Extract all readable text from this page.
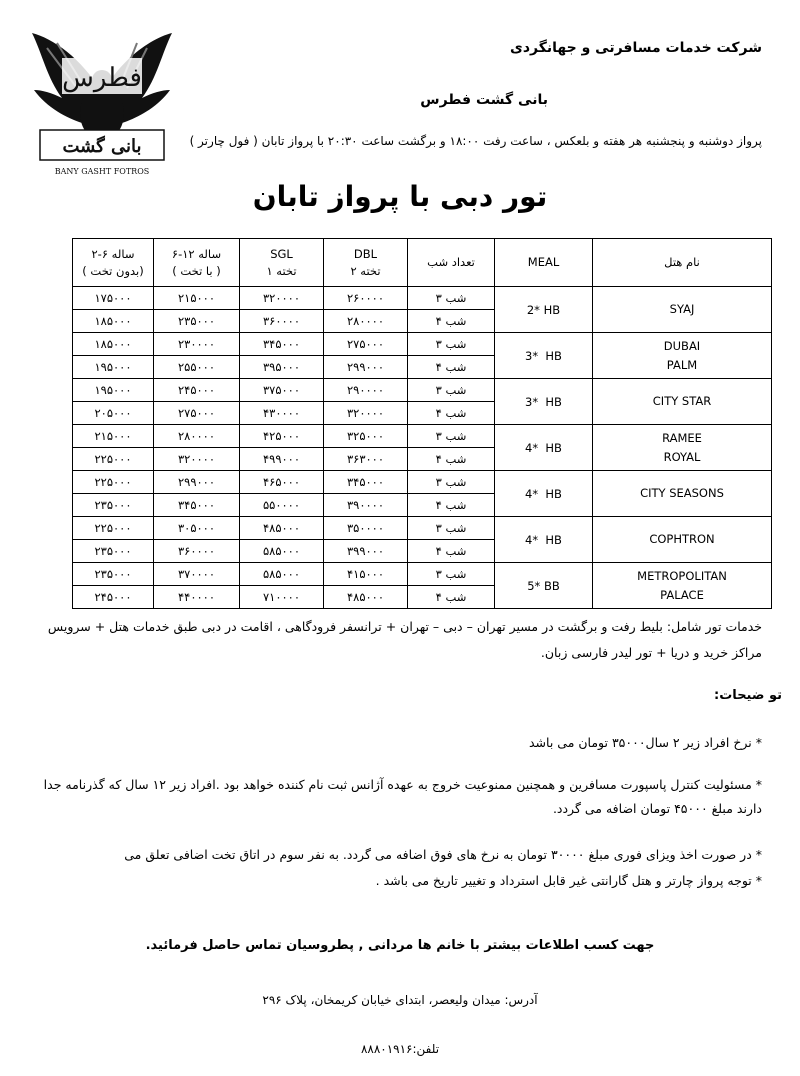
بانی گشت
فطرس
BANY GASHT FOTROS
شرکت خدمات مسافرتی و جهانگردی
بانی گشت فطرس
پرواز دوشنبه و پنجشنبه هر هفته و بلعکس ، ساعت رفت ۱۸:۰۰ و برگشت ساعت ۲۰:۳۰ با پرواز تابان ( فول چارتر )
تور دبی با پرواز تابان
۲-۶ ساله
( بدون تخت)	۶-۱۲ ساله
( با تخت )	SGL
۱ تخته	DBL
۲ تخته	تعداد شب	MEAL	نام هتل
۱۷۵۰۰۰	۲۱۵۰۰۰	۳۲۰۰۰۰	۲۶۰۰۰۰	۳ شب	2* HB	SYAJ

۱۸۵۰۰۰	۲۳۵۰۰۰	۳۶۰۰۰۰	۲۸۰۰۰۰	۴ شب		
۱۸۵۰۰۰	۲۳۰۰۰۰	۳۴۵۰۰۰	۲۷۵۰۰۰	۳ شب	3*  HB	DUBAI
PALM

۱۹۵۰۰۰	۲۵۵۰۰۰	۳۹۵۰۰۰	۲۹۹۰۰۰	۴ شب		
۱۹۵۰۰۰	۲۴۵۰۰۰	۳۷۵۰۰۰	۲۹۰۰۰۰	۳ شب	3*  HB	CITY STAR

۲۰۵۰۰۰	۲۷۵۰۰۰	۴۳۰۰۰۰	۳۲۰۰۰۰	۴ شب		
۲۱۵۰۰۰	۲۸۰۰۰۰	۴۲۵۰۰۰	۳۲۵۰۰۰	۳ شب	4*  HB	RAMEE
ROYAL

۲۲۵۰۰۰	۳۲۰۰۰۰	۴۹۹۰۰۰	۳۶۳۰۰۰	۴ شب		
۲۲۵۰۰۰	۲۹۹۰۰۰	۴۶۵۰۰۰	۳۴۵۰۰۰	۳ شب	4*  HB	CITY SEASONS

۲۳۵۰۰۰	۳۴۵۰۰۰	۵۵۰۰۰۰	۳۹۰۰۰۰	۴ شب		
۲۲۵۰۰۰	۳۰۵۰۰۰	۴۸۵۰۰۰	۳۵۰۰۰۰	۳ شب	4*  HB	COPHTRON

۲۳۵۰۰۰	۳۶۰۰۰۰	۵۸۵۰۰۰	۳۹۹۰۰۰	۴ شب		
۲۳۵۰۰۰	۳۷۰۰۰۰	۵۸۵۰۰۰	۴۱۵۰۰۰	۳ شب	5* BB	METROPOLITAN
PALACE

۲۴۵۰۰۰	۴۴۰۰۰۰	۷۱۰۰۰۰	۴۸۵۰۰۰	۴ شب		
خدمات تور شامل: بلیط رفت و برگشت در مسیر تهران – دبی – تهران + ترانسفر فرودگاهی ، اقامت در دبی طبق خدمات هتل + سرویس مراکز خرید و دریا + تور لیدر فارسی زبان.
تو ضیحات:
* نرخ افراد زیر ۲ سال۳۵۰۰۰ تومان می باشد
* مسئولیت کنترل پاسپورت مسافرین و همچنین ممنوعیت خروج به عهده آژانس ثبت نام کننده خواهد بود .افراد زیر ۱۲ سال که گذرنامه جدا دارند مبلغ ۴۵۰۰۰ تومان اضافه می گردد.
* در صورت اخذ ویزای فوری مبلغ ۳۰۰۰۰ تومان به نرخ های فوق اضافه می گردد. به نفر سوم در اتاق تخت اضافی تعلق می
* توجه پرواز چارتر و هتل گارانتی غیر قابل استرداد و تغییر تاریخ می باشد .
جهت کسب اطلاعات بیشتر با خانم ها مردانی , پطروسیان تماس حاصل فرمائید.
آدرس: میدان ولیعصر، ابتدای خیابان کریمخان، پلاک ۲۹۶
تلفن:۸۸۸۰۱۹۱۶
